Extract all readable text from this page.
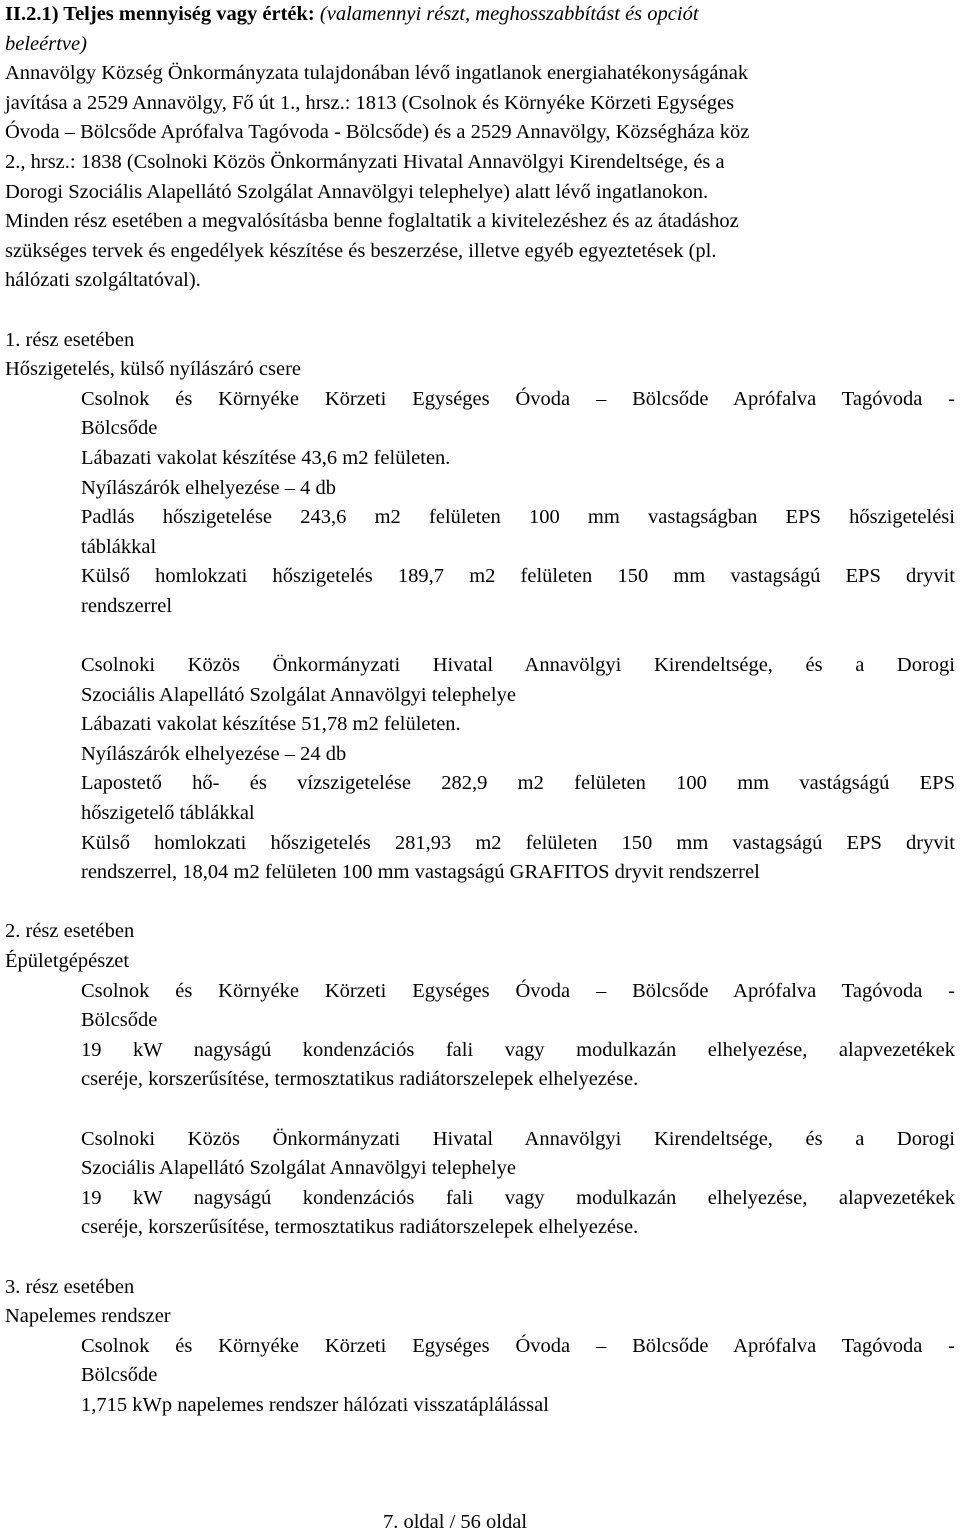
II.2.1) Teljes mennyiség vagy érték: (valamennyi részt, meghosszabbítást és opciót
beleértve)
Annavölgy Község Önkormányzata tulajdonában lévő ingatlanok energiahatékonyságának
javítása a 2529 Annavölgy, Fő út 1., hrsz.: 1813 (Csolnok és Környéke Körzeti Egységes
Óvoda – Bölcsőde Aprófalva Tagóvoda - Bölcsőde) és a 2529 Annavölgy, Községháza köz
2., hrsz.: 1838 (Csolnoki Közös Önkormányzati Hivatal Annavölgyi Kirendeltsége, és a
Dorogi Szociális Alapellátó Szolgálat Annavölgyi telephelye) alatt lévő ingatlanokon.
Minden rész esetében a megvalósításba benne foglaltatik a kivitelezéshez és az átadáshoz
szükséges tervek és engedélyek készítése és beszerzése, illetve egyéb egyeztetések (pl.
hálózati szolgáltatóval).
1. rész esetében
Hőszigetelés, külső nyílászáró csere
Csolnok és Környéke Körzeti Egységes Óvoda – Bölcsőde Aprófalva Tagóvoda -
Bölcsőde
Lábazati vakolat készítése 43,6 m2 felületen.
Nyílászárók elhelyezése – 4 db
Padlás hőszigetelése 243,6 m2 felületen 100 mm vastagságban EPS hőszigetelési
táblákkal
Külső homlokzati hőszigetelés 189,7 m2 felületen 150 mm vastagságú EPS dryvit
rendszerrel
Csolnoki Közös Önkormányzati Hivatal Annavölgyi Kirendeltsége, és a Dorogi
Szociális Alapellátó Szolgálat Annavölgyi telephelye
Lábazati vakolat készítése 51,78 m2 felületen.
Nyílászárók elhelyezése – 24 db
Lapostető hő- és vízszigetelése 282,9 m2 felületen 100 mm vastágságú EPS
hőszigetelő táblákkal
Külső homlokzati hőszigetelés 281,93 m2 felületen 150 mm vastagságú EPS dryvit
rendszerrel, 18,04 m2 felületen 100 mm vastagságú GRAFITOS dryvit rendszerrel
2. rész esetében
Épületgépészet
Csolnok és Környéke Körzeti Egységes Óvoda – Bölcsőde Aprófalva Tagóvoda -
Bölcsőde
19 kW nagyságú kondenzációs fali vagy modulkazán elhelyezése, alapvezetékek
cseréje, korszerűsítése, termosztatikus radiátorszelepek elhelyezése.
Csolnoki Közös Önkormányzati Hivatal Annavölgyi Kirendeltsége, és a Dorogi
Szociális Alapellátó Szolgálat Annavölgyi telephelye
19 kW nagyságú kondenzációs fali vagy modulkazán elhelyezése, alapvezetékek
cseréje, korszerűsítése, termosztatikus radiátorszelepek elhelyezése.
3. rész esetében
Napelemes rendszer
Csolnok és Környéke Körzeti Egységes Óvoda – Bölcsőde Aprófalva Tagóvoda -
Bölcsőde
1,715 kWp napelemes rendszer hálózati visszatáplálással
7. oldal / 56 oldal
